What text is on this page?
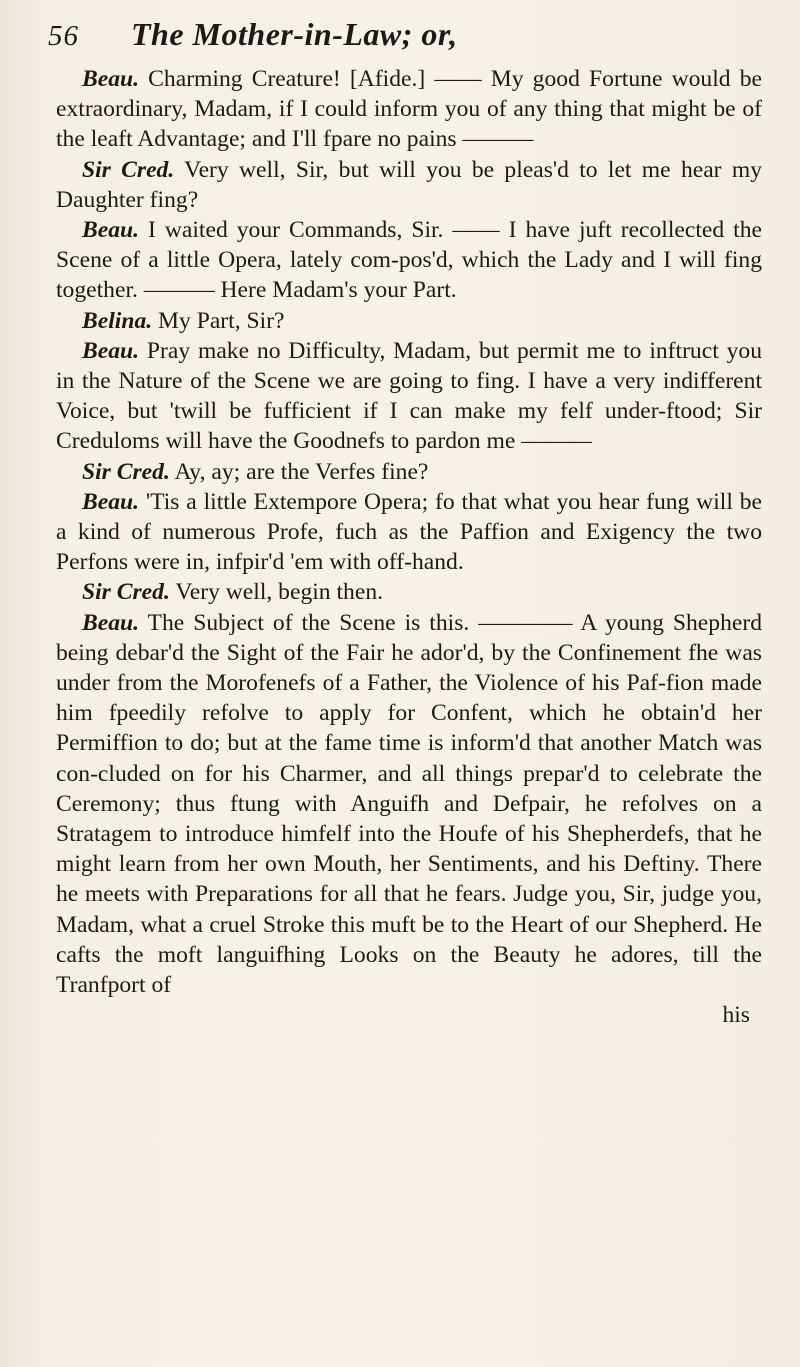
56 The Mother-in-Law; or,

Beau. Charming Creature! [Afide.] —— My good Fortune would be extraordinary, Madam, if I could inform you of any thing that might be of the leaft Advantage; and I'll fpare no pains ———

Sir Cred. Very well, Sir, but will you be pleas'd to let me hear my Daughter fing?

Beau. I waited your Commands, Sir. —— I have juft recollected the Scene of a little Opera, lately com-pos'd, which the Lady and I will fing together. ——— Here Madam's your Part.

Belina. My Part, Sir?

Beau. Pray make no Difficulty, Madam, but permit me to inftruct you in the Nature of the Scene we are going to fing. I have a very indifferent Voice, but 'twill be fufficient if I can make my felf under-ftood; Sir Creduloms will have the Goodnefs to pardon me ———

Sir Cred. Ay, ay; are the Verfes fine?

Beau. 'Tis a little Extempore Opera; fo that what you hear fung will be a kind of numerous Profe, fuch as the Paffion and Exigency the two Perfons were in, infpir'd 'em with off-hand.

Sir Cred. Very well, begin then.

Beau. The Subject of the Scene is this. ———— A young Shepherd being debar'd the Sight of the Fair he ador'd, by the Confinement fhe was under from the Morofenefs of a Father, the Violence of his Paf-fion made him fpeedily refolve to apply for Confent, which he obtain'd her Permiffion to do; but at the fame time is inform'd that another Match was con-cluded on for his Charmer, and all things prepar'd to celebrate the Ceremony; thus ftung with Anguifh and Defpair, he refolves on a Stratagem to introduce himfelf into the Houfe of his Shepherdefs, that he might learn from her own Mouth, her Sentiments, and his Deftiny. There he meets with Preparations for all that he fears. Judge you, Sir, judge you, Madam, what a cruel Stroke this muft be to the Heart of our Shepherd. He cafts the moft languifhing Looks on the Beauty he adores, till the Tranfport of

his
